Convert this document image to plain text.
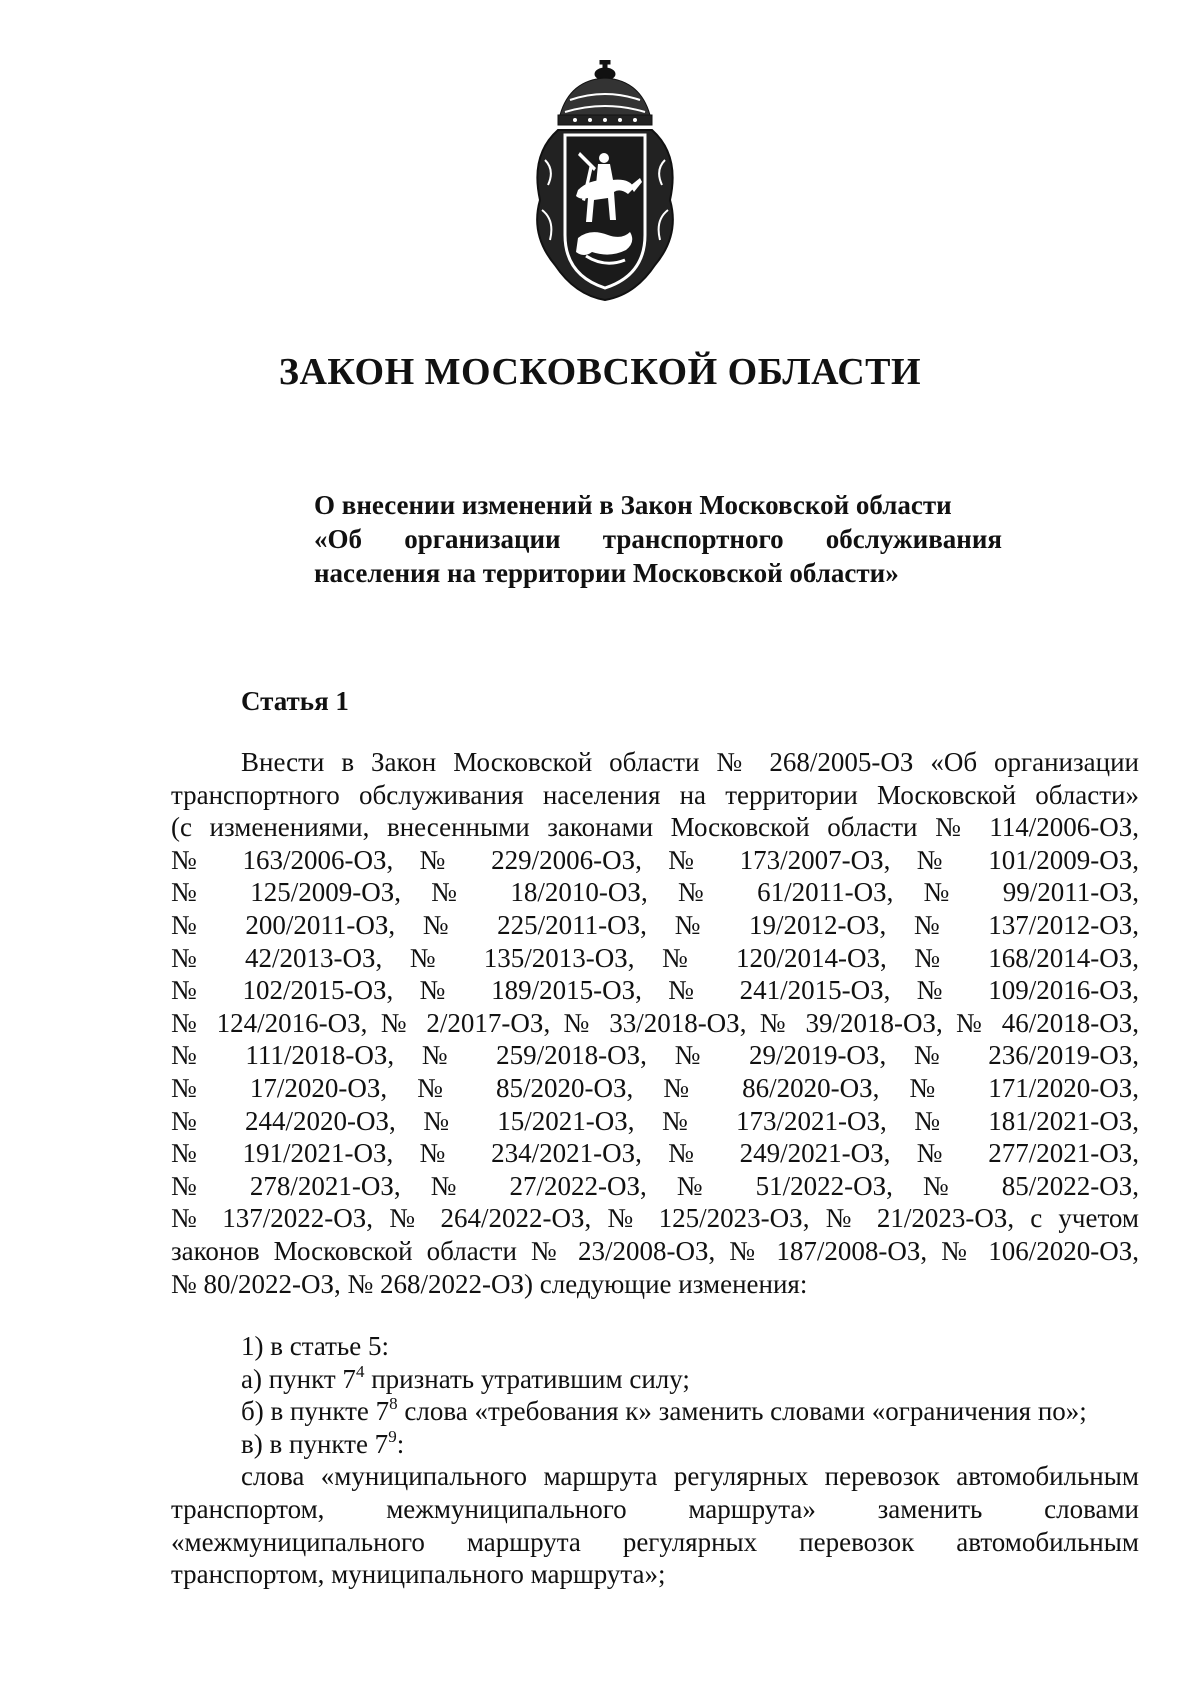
ЗАКОН МОСКОВСКОЙ ОБЛАСТИ
О внесении изменений в Закон Московской области
«Об организации транспортного обслуживания
населения на территории Московской области»
Статья 1
Внести в Закон Московской области № 268/2005-ОЗ «Об организации
транспортного обслуживания населения на территории Московской области»
(с изменениями, внесенными законами Московской области № 114/2006-ОЗ,
№ 163/2006-ОЗ, № 229/2006-ОЗ, № 173/2007-ОЗ, № 101/2009-ОЗ,
№ 125/2009-ОЗ, № 18/2010-ОЗ, № 61/2011-ОЗ, № 99/2011-ОЗ,
№ 200/2011-ОЗ, № 225/2011-ОЗ, № 19/2012-ОЗ, № 137/2012-ОЗ,
№ 42/2013-ОЗ, № 135/2013-ОЗ, № 120/2014-ОЗ, № 168/2014-ОЗ,
№ 102/2015-ОЗ, № 189/2015-ОЗ, № 241/2015-ОЗ, № 109/2016-ОЗ,
№ 124/2016-ОЗ, № 2/2017-ОЗ, № 33/2018-ОЗ, № 39/2018-ОЗ, № 46/2018-ОЗ,
№ 111/2018-ОЗ, № 259/2018-ОЗ, № 29/2019-ОЗ, № 236/2019-ОЗ,
№ 17/2020-ОЗ, № 85/2020-ОЗ, № 86/2020-ОЗ, № 171/2020-ОЗ,
№ 244/2020-ОЗ, № 15/2021-ОЗ, № 173/2021-ОЗ, № 181/2021-ОЗ,
№ 191/2021-ОЗ, № 234/2021-ОЗ, № 249/2021-ОЗ, № 277/2021-ОЗ,
№ 278/2021-ОЗ, № 27/2022-ОЗ, № 51/2022-ОЗ, № 85/2022-ОЗ,
№ 137/2022-ОЗ, № 264/2022-ОЗ, № 125/2023-ОЗ, № 21/2023-ОЗ, с учетом
законов Московской области № 23/2008-ОЗ, № 187/2008-ОЗ, № 106/2020-ОЗ,
№ 80/2022-ОЗ, № 268/2022-ОЗ) следующие изменения:
1) в статье 5:
а) пункт $7^4$ признать утратившим силу;
б) в пункте $7^8$ слова «требования к» заменить словами «ограничения по»;
в) в пункте $7^9$:
слова «муниципального маршрута регулярных перевозок автомобильным
транспортом, межмуниципального маршрута» заменить словами
«межмуниципального маршрута регулярных перевозок автомобильным
транспортом, муниципального маршрута»;
